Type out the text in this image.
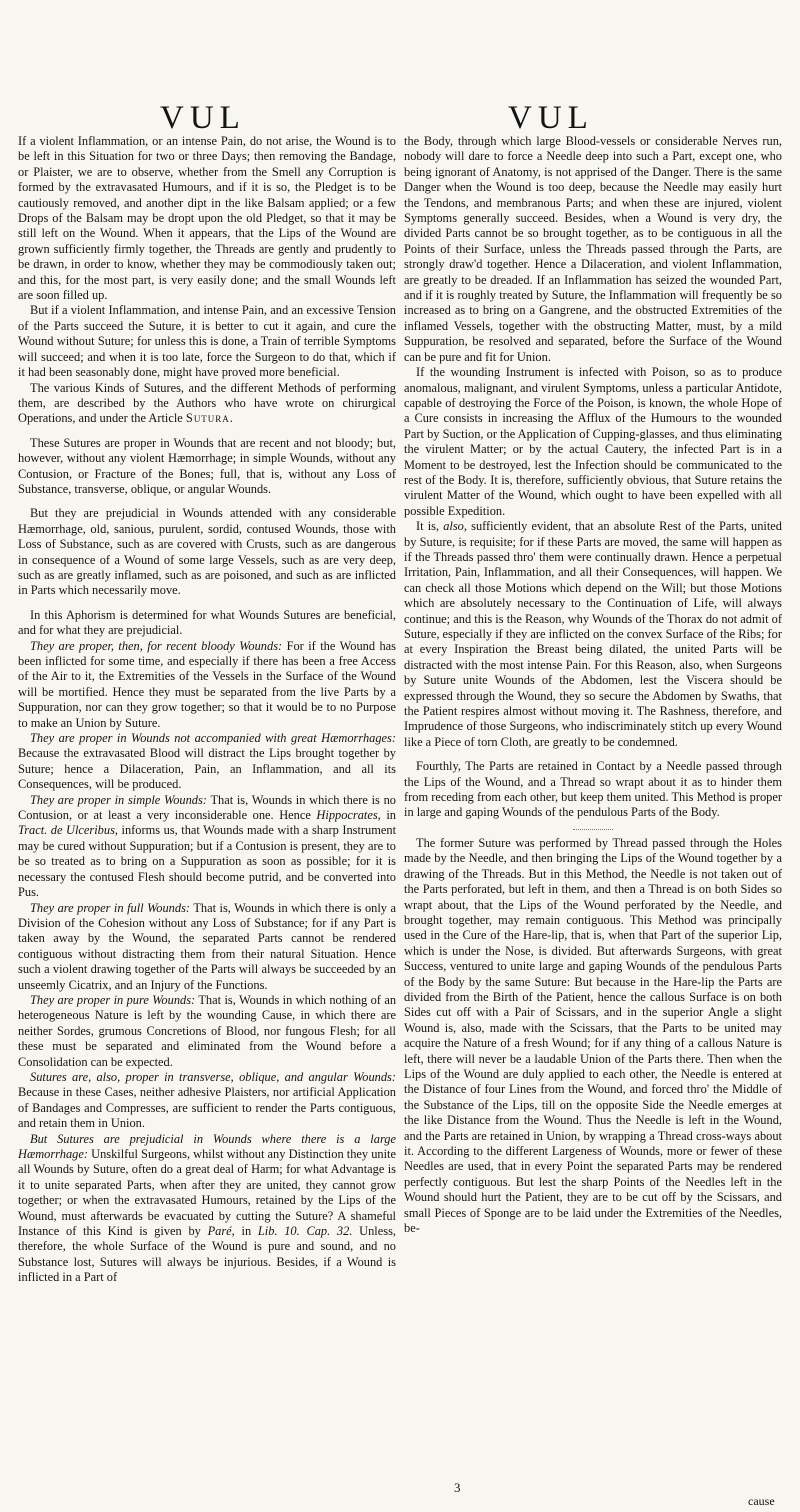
VUL	VUL

If a violent Inflammation, or an intense Pain, do not arise, the Wound is to be left in this Situation for two or three Days; then removing the Bandage, or Plaister, we are to observe, whether from the Smell any Corruption is formed by the extravasated Humours, and if it is so, the Pledget is to be cautiously removed, and another dipt in the like Balsam applied; or a few Drops of the Balsam may be dropt upon the old Pledget, so that it may be still left on the Wound. When it appears, that the Lips of the Wound are grown sufficiently firmly together, the Threads are gently and prudently to be drawn, in order to know, whether they may be commodiously taken out; and this, for the most part, is very easily done; and the small Wounds left are soon filled up.

But if a violent Inflammation, and intense Pain, and an excessive Tension of the Parts succeed the Suture, it is better to cut it again, and cure the Wound without Suture; for unless this is done, a Train of terrible Symptoms will succeed; and when it is too late, force the Surgeon to do that, which if it had been seasonably done, might have proved more beneficial.

The various Kinds of Sutures, and the different Methods of performing them, are described by the Authors who have wrote on chirurgical Operations, and under the Article Sutura.

These Sutures are proper in Wounds that are recent and not bloody; but, however, without any violent Hæmorrhage; in simple Wounds, without any Contusion, or Fracture of the Bones; full, that is, without any Loss of Substance, transverse, oblique, or angular Wounds.

But they are prejudicial in Wounds attended with any considerable Hæmorrhage, old, sanious, purulent, sordid, contused Wounds, those with Loss of Substance, such as are covered with Crusts, such as are dangerous in consequence of a Wound of some large Vessels, such as are very deep, such as are greatly inflamed, such as are poisoned, and such as are inflicted in Parts which necessarily move.

In this Aphorism is determined for what Wounds Sutures are beneficial, and for what they are prejudicial.

They are proper, then, for recent bloody Wounds: For if the Wound has been inflicted for some time, and especially if there has been a free Access of the Air to it, the Extremities of the Vessels in the Surface of the Wound will be mortified. Hence they must be separated from the live Parts by a Suppuration, nor can they grow together; so that it would be to no Purpose to make an Union by Suture.

They are proper in Wounds not accompanied with great Hæmorrhages: Because the extravasated Blood will distract the Lips brought together by Suture; hence a Dilaceration, Pain, an Inflammation, and all its Consequences, will be produced.

They are proper in simple Wounds: That is, Wounds in which there is no Contusion, or at least a very inconsiderable one. Hence Hippocrates, in Tract. de Ulceribus, informs us, that Wounds made with a sharp Instrument may be cured without Suppuration; but if a Contusion is present, they are to be so treated as to bring on a Suppuration as soon as possible; for it is necessary the contused Flesh should become putrid, and be converted into Pus.

They are proper in full Wounds: That is, Wounds in which there is only a Division of the Cohesion without any Loss of Substance; for if any Part is taken away by the Wound, the separated Parts cannot be rendered contiguous without distracting them from their natural Situation. Hence such a violent drawing together of the Parts will always be succeeded by an unseemly Cicatrix, and an Injury of the Functions.

They are proper in pure Wounds: That is, Wounds in which nothing of an heterogeneous Nature is left by the wounding Cause, in which there are neither Sordes, grumous Concretions of Blood, nor fungous Flesh; for all these must be separated and eliminated from the Wound before a Consolidation can be expected.

Sutures are, also, proper in transverse, oblique, and angular Wounds: Because in these Cases, neither adhesive Plaisters, nor artificial Application of Bandages and Compresses, are sufficient to render the Parts contiguous, and retain them in Union.

But Sutures are prejudicial in Wounds where there is a large Hæmorrhage: Unskilful Surgeons, whilst without any Distinction they unite all Wounds by Suture, often do a great deal of Harm; for what Advantage is it to unite separated Parts, when after they are united, they cannot grow together; or when the extravasated Humours, retained by the Lips of the Wound, must afterwards be evacuated by cutting the Suture? A shameful Instance of this Kind is given by Paré, in Lib. 10. Cap. 32. Unless, therefore, the whole Surface of the Wound is pure and sound, and no Substance lost, Sutures will always be injurious. Besides, if a Wound is inflicted in a Part of

the Body, through which large Blood-vessels or considerable Nerves run, nobody will dare to force a Needle deep into such a Part, except one, who being ignorant of Anatomy, is not apprised of the Danger. There is the same Danger when the Wound is too deep, because the Needle may easily hurt the Tendons, and membranous Parts; and when these are injured, violent Symptoms generally succeed. Besides, when a Wound is very dry, the divided Parts cannot be so brought together, as to be contiguous in all the Points of their Surface, unless the Threads passed through the Parts, are strongly draw'd together. Hence a Dilaceration, and violent Inflammation, are greatly to be dreaded. If an Inflammation has seized the wounded Part, and if it is roughly treated by Suture, the Inflammation will frequently be so increased as to bring on a Gangrene, and the obstructed Extremities of the inflamed Vessels, together with the obstructing Matter, must, by a mild Suppuration, be resolved and separated, before the Surface of the Wound can be pure and fit for Union.

If the wounding Instrument is infected with Poison, so as to produce anomalous, malignant, and virulent Symptoms, unless a particular Antidote, capable of destroying the Force of the Poison, is known, the whole Hope of a Cure consists in increasing the Afflux of the Humours to the wounded Part by Suction, or the Application of Cupping-glasses, and thus eliminating the virulent Matter; or by the actual Cautery, the infected Part is in a Moment to be destroyed, lest the Infection should be communicated to the rest of the Body. It is, therefore, sufficiently obvious, that Suture retains the virulent Matter of the Wound, which ought to have been expelled with all possible Expedition.

It is, also, sufficiently evident, that an absolute Rest of the Parts, united by Suture, is requisite; for if these Parts are moved, the same will happen as if the Threads passed thro' them were continually drawn. Hence a perpetual Irritation, Pain, Inflammation, and all their Consequences, will happen. We can check all those Motions which depend on the Will; but those Motions which are absolutely necessary to the Continuation of Life, will always continue; and this is the Reason, why Wounds of the Thorax do not admit of Suture, especially if they are inflicted on the convex Surface of the Ribs; for at every Inspiration the Breast being dilated, the united Parts will be distracted with the most intense Pain. For this Reason, also, when Surgeons by Suture unite Wounds of the Abdomen, lest the Viscera should be expressed through the Wound, they so secure the Abdomen by Swaths, that the Patient respires almost without moving it. The Rashness, therefore, and Imprudence of those Surgeons, who indiscriminately stitch up every Wound like a Piece of torn Cloth, are greatly to be condemned.

Fourthly, The Parts are retained in Contact by a Needle passed through the Lips of the Wound, and a Thread so wrapt about it as to hinder them from receding from each other, but keep them united. This Method is proper in large and gaping Wounds of the pendulous Parts of the Body.

The former Suture was performed by Thread passed through the Holes made by the Needle, and then bringing the Lips of the Wound together by a drawing of the Threads. But in this Method, the Needle is not taken out of the Parts perforated, but left in them, and then a Thread is on both Sides so wrapt about, that the Lips of the Wound perforated by the Needle, and brought together, may remain contiguous. This Method was principally used in the Cure of the Hare-lip, that is, when that Part of the superior Lip, which is under the Nose, is divided. But afterwards Surgeons, with great Success, ventured to unite large and gaping Wounds of the pendulous Parts of the Body by the same Suture: But because in the Hare-lip the Parts are divided from the Birth of the Patient, hence the callous Surface is on both Sides cut off with a Pair of Scissars, and in the superior Angle a slight Wound is, also, made with the Scissars, that the Parts to be united may acquire the Nature of a fresh Wound; for if any thing of a callous Nature is left, there will never be a laudable Union of the Parts there. Then when the Lips of the Wound are duly applied to each other, the Needle is entered at the Distance of four Lines from the Wound, and forced thro' the Middle of the Substance of the Lips, till on the opposite Side the Needle emerges at the like Distance from the Wound. Thus the Needle is left in the Wound, and the Parts are retained in Union, by wrapping a Thread cross-ways about it. According to the different Largeness of Wounds, more or fewer of these Needles are used, that in every Point the separated Parts may be rendered perfectly contiguous. But lest the sharp Points of the Needles left in the Wound should hurt the Patient, they are to be cut off by the Scissars, and small Pieces of Sponge are to be laid under the Extremities of the Needles, be-

3
cause
